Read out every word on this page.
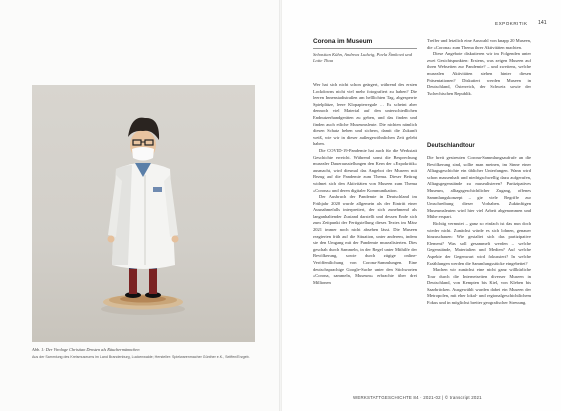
Abb. 1: Der Virologe Christian Drosten als Räuchermännchen
Aus der Sammlung des Kreismuseums im Land Brandenburg, Luckenwalde; Hersteller: Spielwarenmacher Günther e.K., Seiffen/Erzgeb.
EXPOKRITIK 141
Corona im Museum
Sebastian Kühn, Andreas Ludwig, Pavla Šimková und Lotte Thaa

Wer hat sich nicht schon geärgert, während des ersten Lockdowns nicht viel mehr fotografiert zu haben? Die leeren Innenstadtstraßen am helllichten Tag, abgesperrte Spielplätze, leere Klopapierregale … Es scheint aber dennoch viel Material auf den unterschiedlichen Endnutzerhandgeräten zu geben, und das finden und finden auch etliche Museumsleute. Die nichten nämlich diesen Schatz heben und sichern, damit die Zukunft weiß, wie wir in dieser außergewöhnlichen Zeit gelebt haben.

Die COVID-19-Pandemie hat auch für die Werkstatt​Geschichte erreicht. Während sonst die Besprechung musealer Dauerausstellungen den Kern der »Expokritik« ausmacht, wird diesmal das Angebot der Museen mit Bezug auf die Pandemie zum Thema. Dieser Beitrag widmet sich den Aktivitäten von Museen zum Thema »Corona« und deren digitaler Kommunikation.

Der Ausbruch der Pandemie in Deutschland im Frühjahr 2020 wurde allgemein als der Eintritt einer Ausnahmefalls interpretiert, der sich zunehmend als langanhaltender Zustand darstellt und dessen Ende sich zum Zeitpunkt der Fertigstellung dieses Textes im März 2021 immer noch nicht absehen lässt. Die Museen reagierten früh auf die Situation, unter anderem, indem sie den Umgang mit der Pandemie musealisierten. Dies geschah durch Sammeln, in der Regel unter Mithilfe der Bevölkerung, sowie durch zügige online-Veröffentlichung von Corona-Sammlungen. Eine deutschsprachige Google-Suche unter den Stichworten »Corona, sammeln, Museum« erbrachte über drei Millionen

Treffer und letztlich eine Auswahl von knapp 20 Museen, die »Corona« zum Thema ihrer Aktivitäten machten.

Diese Angebote diskutieren wir im Folgenden unter zwei Gesichtspunkten: Erstens, was zeigen Museen auf ihren Webseiten zur Pandemie? – und zweitens, welche musealen Aktivitäten stehen hinter diesen Präsentationen? Diskutiert werden Museen in Deutschland, Österreich, der Schweiz sowie der Tschechischen Republik.

Deutschlandtour

Die breit gestreuten Corona-Sammlungsaufrufe an die Bevölkerung sind, sollte man meinen, im Sinne einer Alltagsgeschichte ein üblicher Unterfangen. Wann wird schon massenhaft und niedrigschwellig dazu aufgerufen, Alltagsgegenstände zu musealisieren? Partizipatives Museum, alltagsgeschichtlicher Zugang, offenes Sammlungskonzept – gie viele Begriffe zur Umschreibung dieser Vorhaben. Zukünftigen Museumsleuten wird hier viel Arbeit abgenommen und Mühe erspart.

Richtig vermutet – ganz so einfach ist das nun doch wieder nicht. Zunächst würde es sich lohnen, genauer hinzuschauen: Wie gestaltet sich das partizipative Element? Was soll gesammelt werden – welche Gegenstände, Materialien und Medien? Auf welche Aspekte der Gegenwart wird fokussiert? In welche Erzählungen werden die Sammlungsstücke eingebettet?

Machen wir zunächst eine nicht ganz willkürliche Tour durch die Internetseiten diverser Museen in Deutschland, von Kempten bis Kiel, von Kleben bis Saarbrücken. Ausgewählt wurden dabei ein Museen der Metropolen, mit eher lokal- und regionalgeschichtlichem Fokus und in möglichst breiter geografischer Streuung.

WERKSTATTGESCHICHTE 84 · 2021-02 | © transcript 2021
